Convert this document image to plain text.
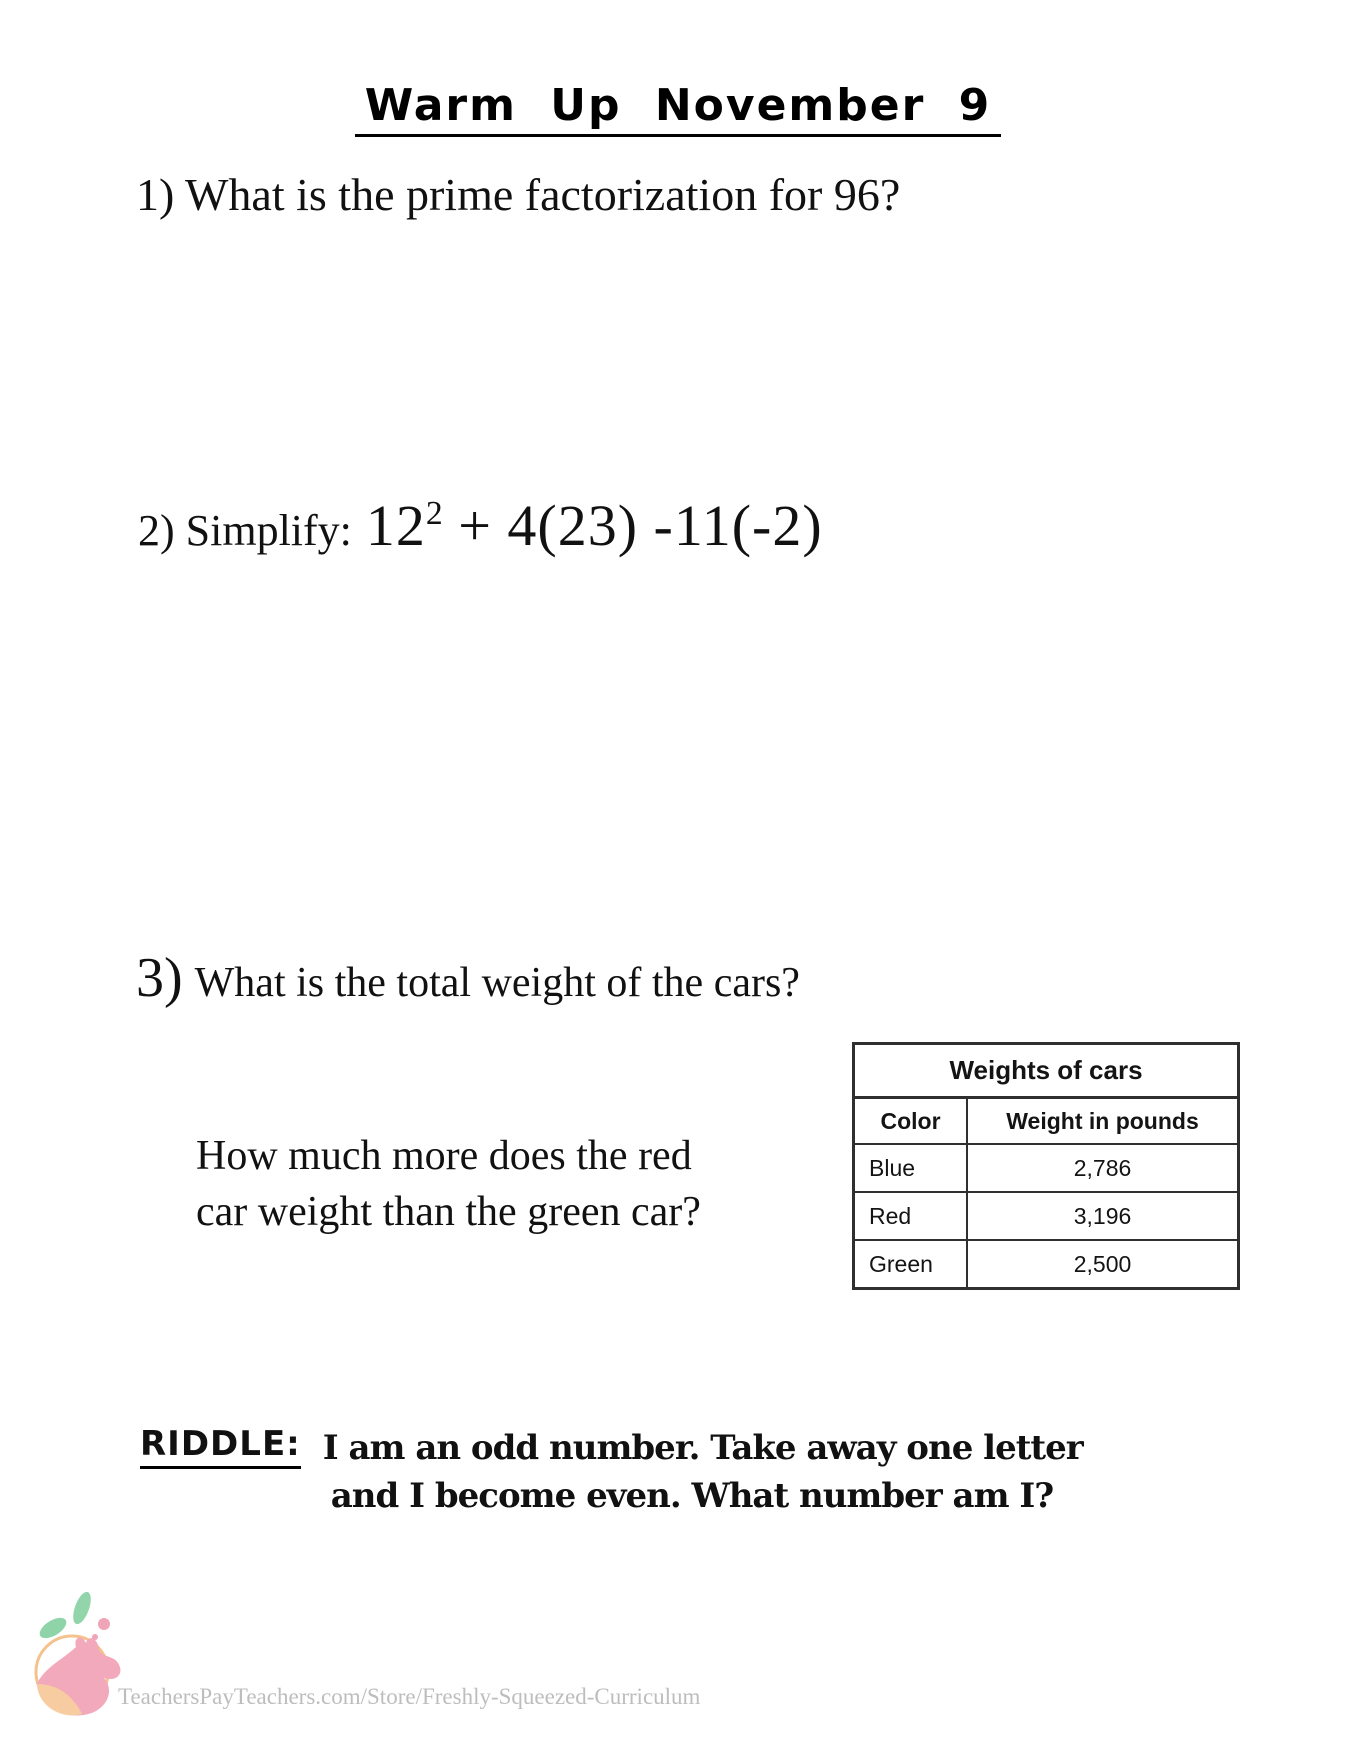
Warm Up November 9
1) What is the prime factorization for 96?
2) Simplify: $12^2 + 4(23)$ -11(-2)
3) What is the total weight of the cars?
How much more does the red
car weight than the green car?
Weights of cars
Color	Weight in pounds
Blue	2,786
Red	3,196
Green	2,500
RIDDLE: I am an odd number. Take away one letter
and I become even. What number am I?
TeachersPayTeachers.com/Store/Freshly-Squeezed-Curriculum
